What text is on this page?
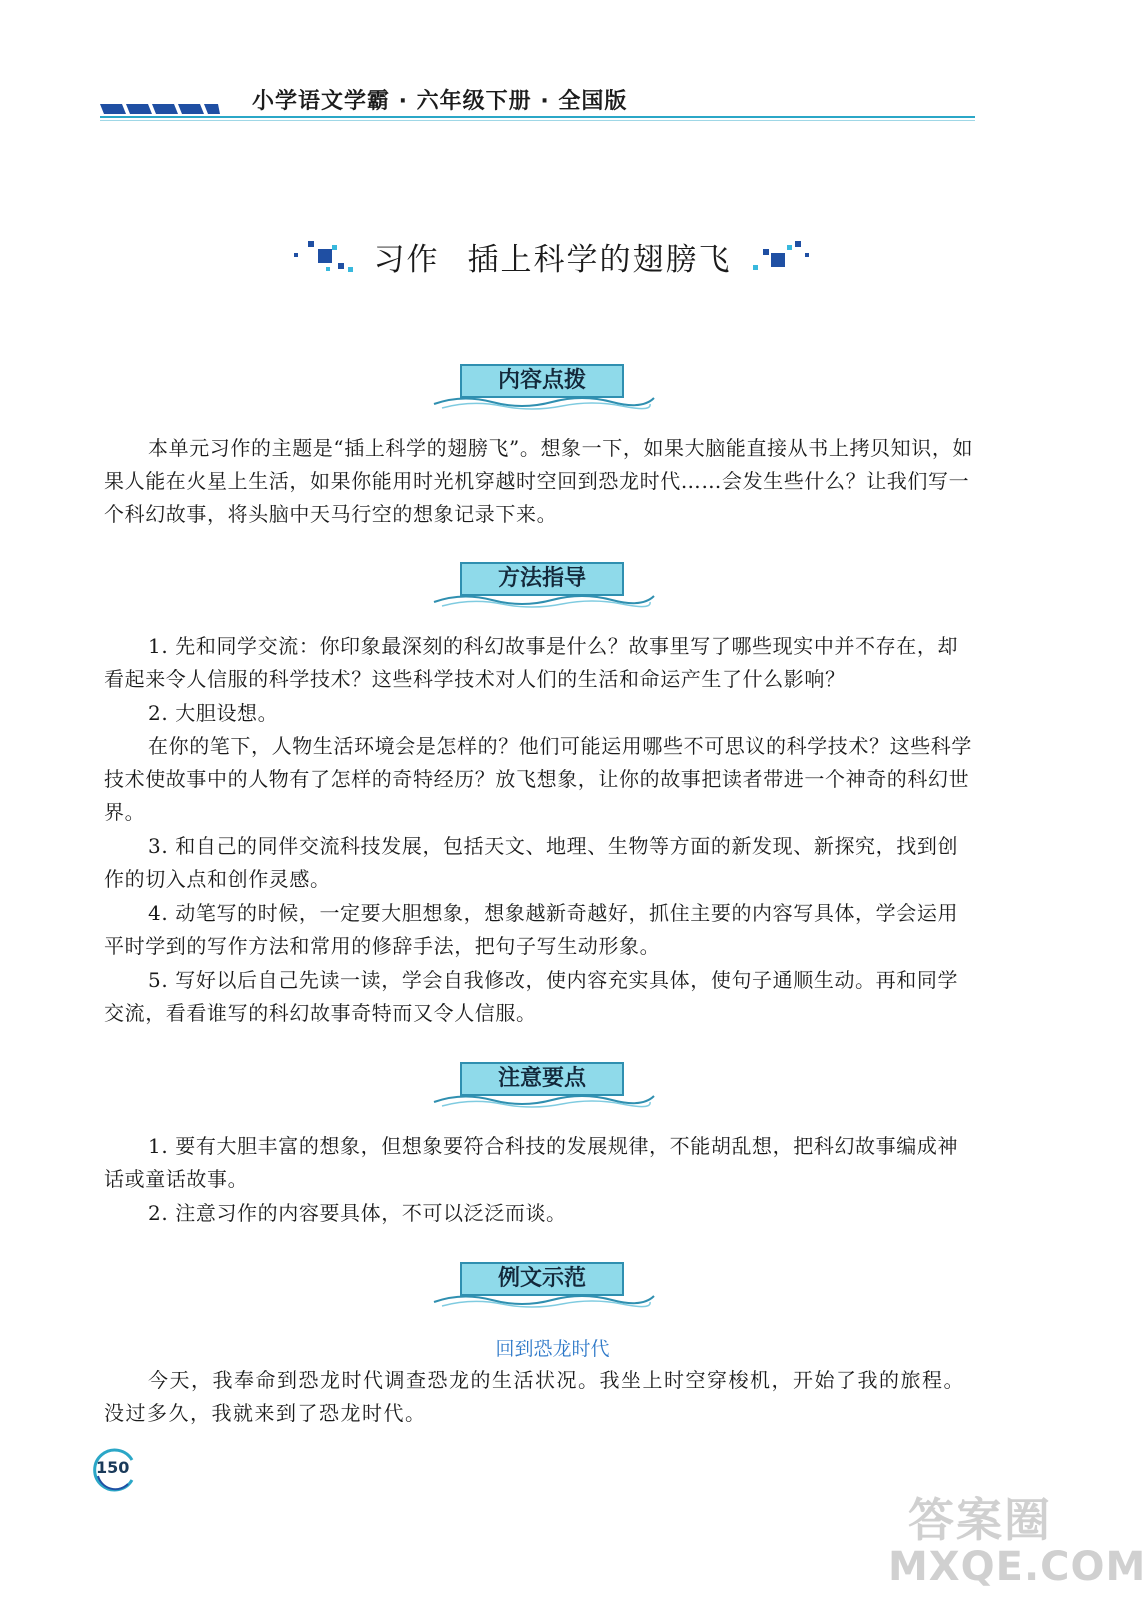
小学语文学霸 · 六年级下册 · 全国版
习作 插上科学的翅膀飞
内容点拨

本单元习作的主题是“插上科学的翅膀飞”。想象一下，如果大脑能直接从书上拷贝知识，如果人能在火星上生活，如果你能用时光机穿越时空回到恐龙时代……会发生些什么？让我们写一个科幻故事，将头脑中天马行空的想象记录下来。

方法指导

1. 先和同学交流：你印象最深刻的科幻故事是什么？故事里写了哪些现实中并不存在，却看起来令人信服的科学技术？这些科学技术对人们的生活和命运产生了什么影响？

2. 大胆设想。

在你的笔下，人物生活环境会是怎样的？他们可能运用哪些不可思议的科学技术？这些科学技术使故事中的人物有了怎样的奇特经历？放飞想象，让你的故事把读者带进一个神奇的科幻世界。

3. 和自己的同伴交流科技发展，包括天文、地理、生物等方面的新发现、新探究，找到创作的切入点和创作灵感。

4. 动笔写的时候，一定要大胆想象，想象越新奇越好，抓住主要的内容写具体，学会运用平时学到的写作方法和常用的修辞手法，把句子写生动形象。

5. 写好以后自己先读一读，学会自我修改，使内容充实具体，使句子通顺生动。再和同学交流，看看谁写的科幻故事奇特而又令人信服。

注意要点

1. 要有大胆丰富的想象，但想象要符合科技的发展规律，不能胡乱想，把科幻故事编成神话或童话故事。

2. 注意习作的内容要具体，不可以泛泛而谈。

例文示范
回到恐龙时代

今天，我奉命到恐龙时代调查恐龙的生活状况。我坐上时空穿梭机，开始了我的旅程。没过多久，我就来到了恐龙时代。

150
答案圈
MXQE.COM
